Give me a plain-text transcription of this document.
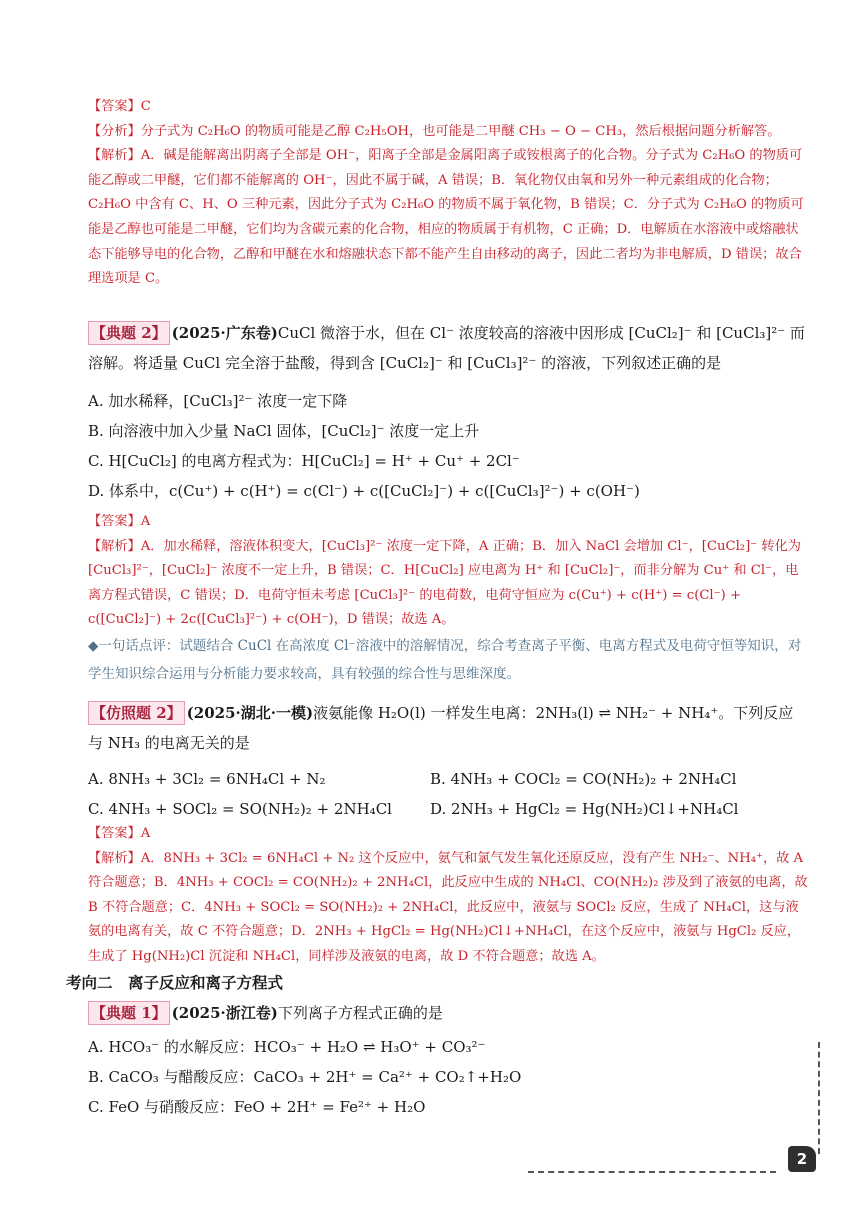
【答案】C
【分析】分子式为 C₂H₆O 的物质可能是乙醇 C₂H₅OH，也可能是二甲醚 CH₃ − O − CH₃，然后根据问题分析解答。
【解析】A．碱是能解离出阴离子全部是 OH⁻，阳离子全部是金属阳离子或铵根离子的化合物。分子式为 C₂H₆O 的物质可能乙醇或二甲醚，它们都不能解离的 OH⁻，因此不属于碱，A 错误；B．氧化物仅由氧和另外一种元素组成的化合物；C₂H₆O 中含有 C、H、O 三种元素，因此分子式为 C₂H₆O 的物质不属于氧化物，B 错误；C．分子式为 C₂H₆O 的物质可能是乙醇也可能是二甲醚，它们均为含碳元素的化合物，相应的物质属于有机物，C 正确；D．电解质在水溶液中或熔融状态下能够导电的化合物，乙醇和甲醚在水和熔融状态下都不能产生自由移动的离子，因此二者均为非电解质，D 错误；故合理选项是 C。
【典题 2】 (2025·广东卷)CuCl 微溶于水，但在 Cl⁻ 浓度较高的溶液中因形成 [CuCl₂]⁻ 和 [CuCl₃]²⁻ 而溶解。将适量 CuCl 完全溶于盐酸，得到含 [CuCl₂]⁻ 和 [CuCl₃]²⁻ 的溶液，下列叙述正确的是
A. 加水稀释，[CuCl₃]²⁻ 浓度一定下降
B. 向溶液中加入少量 NaCl 固体，[CuCl₂]⁻ 浓度一定上升
C. H[CuCl₂] 的电离方程式为：H[CuCl₂] = H⁺ + Cu⁺ + 2Cl⁻
D. 体系中，c(Cu⁺) + c(H⁺) = c(Cl⁻) + c([CuCl₂]⁻) + c([CuCl₃]²⁻) + c(OH⁻)
【答案】A
【解析】A．加水稀释，溶液体积变大，[CuCl₃]²⁻ 浓度一定下降，A 正确；B．加入 NaCl 会增加 Cl⁻，[CuCl₂]⁻ 转化为 [CuCl₃]²⁻，[CuCl₂]⁻ 浓度不一定上升，B 错误；C．H[CuCl₂] 应电离为 H⁺ 和 [CuCl₂]⁻，而非分解为 Cu⁺ 和 Cl⁻，电离方程式错误，C 错误；D．电荷守恒未考虑 [CuCl₃]²⁻ 的电荷数，电荷守恒应为 c(Cu⁺) + c(H⁺) = c(Cl⁻) + c([CuCl₂]⁻) + 2c([CuCl₃]²⁻) + c(OH⁻)，D 错误；故选 A。
◆一句话点评：试题结合 CuCl 在高浓度 Cl⁻溶液中的溶解情况，综合考查离子平衡、电离方程式及电荷守恒等知识，对学生知识综合运用与分析能力要求较高，具有较强的综合性与思维深度。
【仿照题 2】 (2025·湖北·一模)液氨能像 H₂O(l) 一样发生电离：2NH₃(l) ⇌ NH₂⁻ + NH₄⁺。下列反应与 NH₃ 的电离无关的是
A. 8NH₃ + 3Cl₂ = 6NH₄Cl + N₂	B. 4NH₃ + COCl₂ = CO(NH₂)₂ + 2NH₄Cl
C. 4NH₃ + SOCl₂ = SO(NH₂)₂ + 2NH₄Cl	D. 2NH₃ + HgCl₂ = Hg(NH₂)Cl↓+NH₄Cl
【答案】A
【解析】A．8NH₃ + 3Cl₂ = 6NH₄Cl + N₂ 这个反应中，氨气和氯气发生氧化还原反应，没有产生 NH₂⁻、NH₄⁺，故 A 符合题意；B．4NH₃ + COCl₂ = CO(NH₂)₂ + 2NH₄Cl，此反应中生成的 NH₄Cl、CO(NH₂)₂ 涉及到了液氨的电离，故 B 不符合题意；C．4NH₃ + SOCl₂ = SO(NH₂)₂ + 2NH₄Cl，此反应中，液氨与 SOCl₂ 反应，生成了 NH₄Cl，这与液氨的电离有关，故 C 不符合题意；D．2NH₃ + HgCl₂ = Hg(NH₂)Cl↓+NH₄Cl，在这个反应中，液氨与 HgCl₂ 反应，生成了 Hg(NH₂)Cl 沉淀和 NH₄Cl，同样涉及液氨的电离，故 D 不符合题意；故选 A。
考向二　离子反应和离子方程式
【典题 1】 (2025·浙江卷)下列离子方程式正确的是
A. HCO₃⁻ 的水解反应：HCO₃⁻ + H₂O ⇌ H₃O⁺ + CO₃²⁻
B. CaCO₃ 与醋酸反应：CaCO₃ + 2H⁺ = Ca²⁺ + CO₂↑+H₂O
C. FeO 与硝酸反应：FeO + 2H⁺ = Fe²⁺ + H₂O
2
